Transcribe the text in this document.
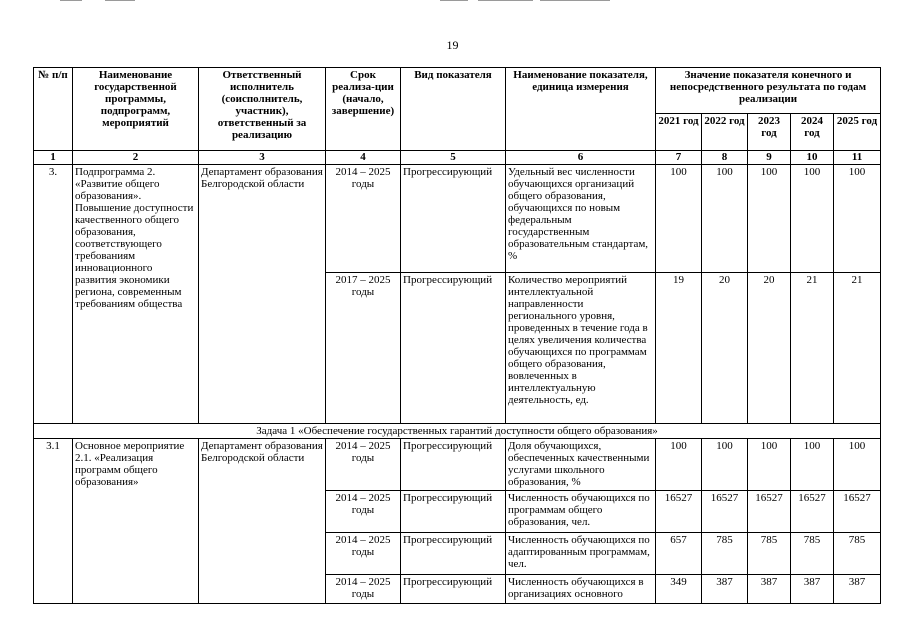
19
№ п/п	Наименование государственной программы, подпрограмм, мероприятий	Ответственный исполнитель (соисполнитель, участник), ответственный за реализацию	Срок реализа-ции (начало, завершение)	Вид показателя	Наименование показателя, единица измерения	Значение показателя конечного и непосредственного результата по годам реализации				
						2021 год	2022 год	2023 год	2024 год	2025 год
1	2	3	4	5	6	7	8	9	10	11
3.	Подпрограмма 2. «Развитие общего образования». Повышение доступности качественного общего образования, соответствующего требованиям инновационного развития экономики региона, современным требованиям общества	Департамент образования Белгородской области	2014 – 2025 годы	Прогрессирующий	Удельный вес численности обучающихся организаций общего образования, обучающихся по новым федеральным государственным образовательным стандартам, %	100	100	100	100	100
			2017 – 2025 годы	Прогрессирующий	Количество мероприятий интеллектуальной направленности регионального уровня, проведенных в течение года в целях увеличения количества обучающихся по программам общего образования, вовлеченных в интеллектуальную деятельность, ед.	19	20	20	21	21
Задача 1 «Обеспечение государственных гарантий доступности общего образования»										
3.1	Основное мероприятие 2.1. «Реализация программ общего образования»	Департамент образования Белгородской области	2014 – 2025 годы	Прогрессирующий	Доля обучающихся, обеспеченных качественными услугами школьного образования, %	100	100	100	100	100
			2014 – 2025 годы	Прогрессирующий	Численность обучающихся по программам общего образования, чел.	16527	16527	16527	16527	16527
			2014 – 2025 годы	Прогрессирующий	Численность обучающихся по адаптированным программам, чел.	657	785	785	785	785
			2014 – 2025 годы	Прогрессирующий	Численность обучающихся в организациях основного	349	387	387	387	387
